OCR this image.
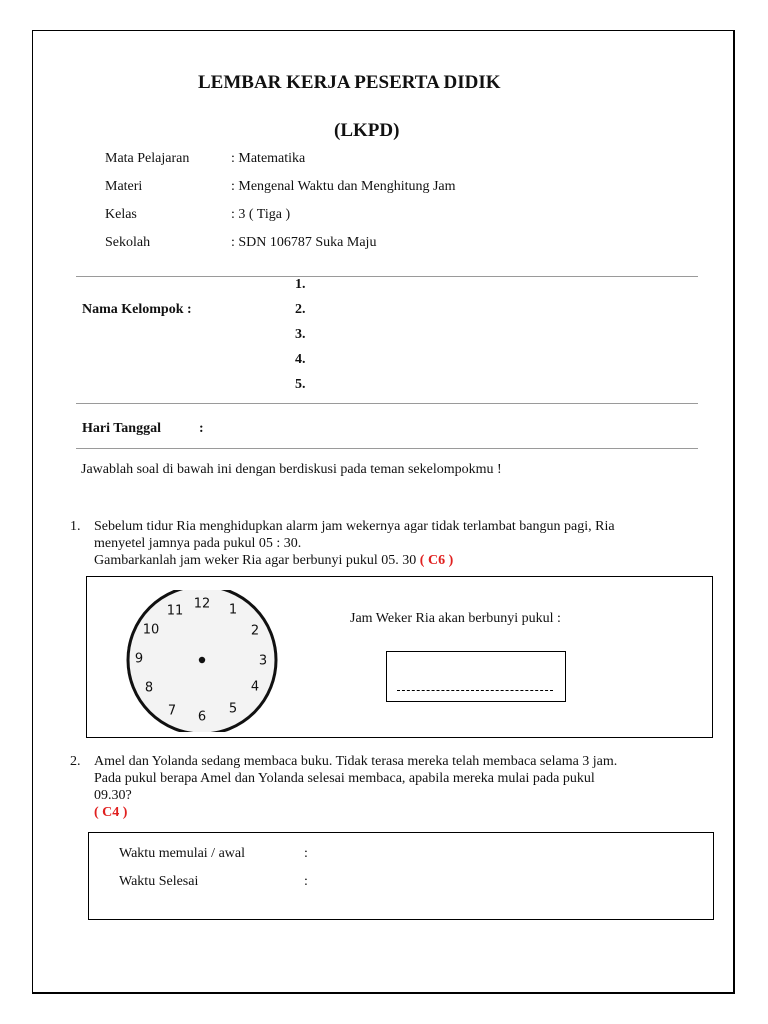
LEMBAR KERJA PESERTA DIDIK
(LKPD)
Mata Pelajaran	: Matematika
Materi	: Mengenal Waktu dan Menghitung Jam
Kelas	: 3 ( Tiga )
Sekolah	: SDN 106787 Suka Maju
Nama Kelompok :
1.
2.
3.
4.
5.
Hari Tanggal	:
Jawablah soal di bawah ini dengan berdiskusi pada teman sekelompokmu !
1. Sebelum tidur Ria menghidupkan alarm jam wekernya agar tidak terlambat bangun pagi, Ria
menyetel jamnya pada pukul 05 : 30.
Gambarkanlah jam weker Ria agar berbunyi pukul 05. 30 ( C6 )
12 1
2
3
4
5
6
7
8
9
10
11	Jam Weker Ria akan berbunyi pukul :
2. Amel dan Yolanda sedang membaca buku. Tidak terasa mereka telah membaca selama 3 jam.
Pada pukul berapa Amel dan Yolanda selesai membaca, apabila mereka mulai pada pukul
09.30?
( C4 )
Waktu memulai / awal	:
Waktu Selesai	:
